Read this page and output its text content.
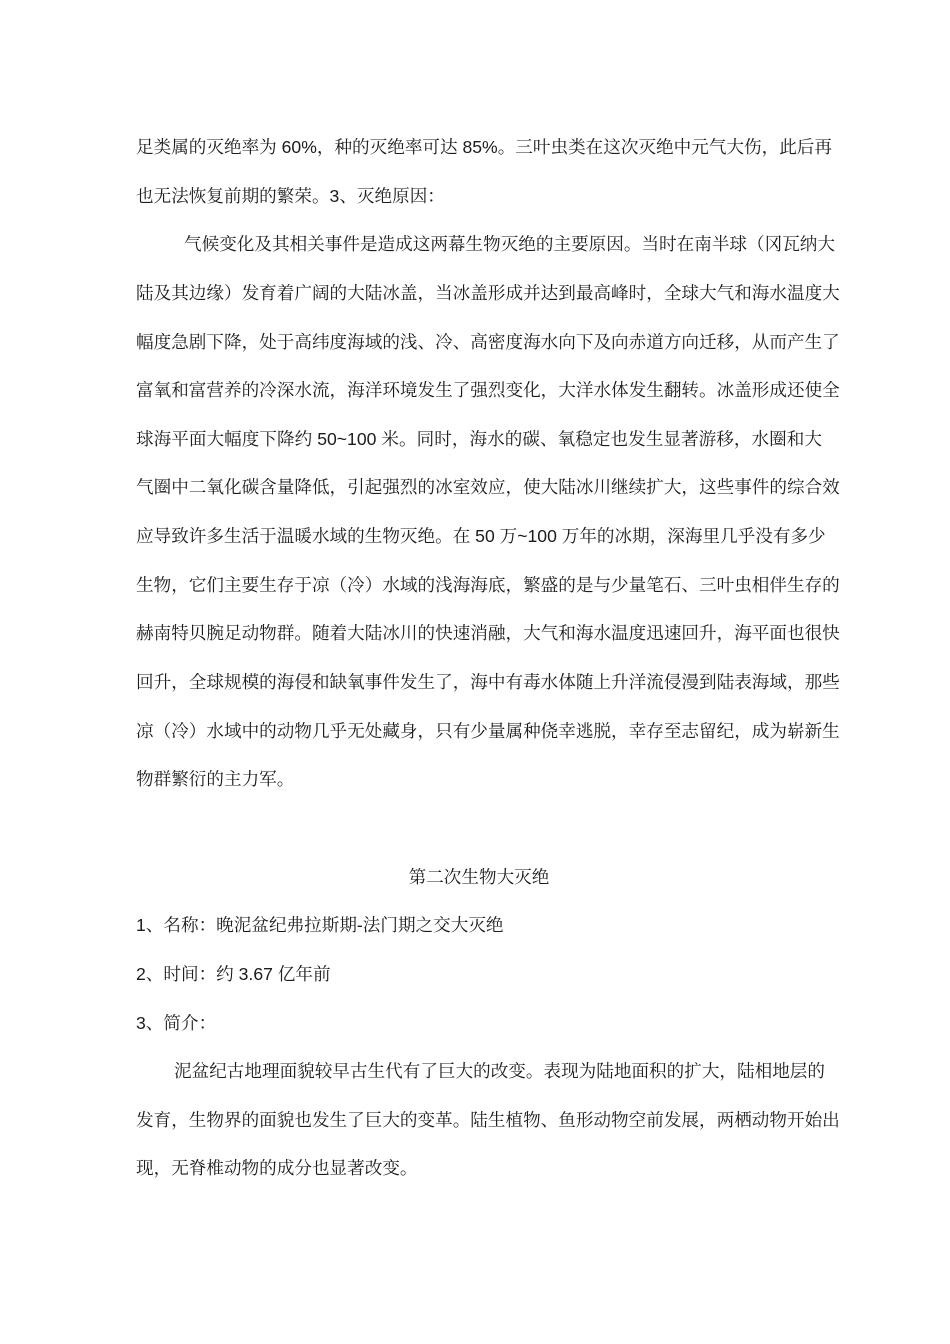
足类属的灭绝率为 60%，种的灭绝率可达 85%。三叶虫类在这次灭绝中元气大伤，此后再
也无法恢复前期的繁荣。3、灭绝原因：
气候变化及其相关事件是造成这两幕生物灭绝的主要原因。当时在南半球（冈瓦纳大
陆及其边缘）发育着广阔的大陆冰盖，当冰盖形成并达到最高峰时，全球大气和海水温度大
幅度急剧下降，处于高纬度海域的浅、冷、高密度海水向下及向赤道方向迁移，从而产生了
富氧和富营养的冷深水流，海洋环境发生了强烈变化，大洋水体发生翻转。冰盖形成还使全
球海平面大幅度下降约 50~100 米。同时，海水的碳、氧稳定也发生显著游移，水圈和大
气圈中二氧化碳含量降低，引起强烈的冰室效应，使大陆冰川继续扩大，这些事件的综合效
应导致许多生活于温暖水域的生物灭绝。在 50 万~100 万年的冰期，深海里几乎没有多少
生物，它们主要生存于凉（冷）水域的浅海海底，繁盛的是与少量笔石、三叶虫相伴生存的
赫南特贝腕足动物群。随着大陆冰川的快速消融，大气和海水温度迅速回升，海平面也很快
回升，全球规模的海侵和缺氧事件发生了，海中有毒水体随上升洋流侵漫到陆表海域，那些
凉（冷）水域中的动物几乎无处藏身，只有少量属种侥幸逃脱，幸存至志留纪，成为崭新生
物群繁衍的主力军。
第二次生物大灭绝
1、名称：晚泥盆纪弗拉斯期-法门期之交大灭绝
2、时间：约 3.67 亿年前
3、简介：
泥盆纪古地理面貌较早古生代有了巨大的改变。表现为陆地面积的扩大，陆相地层的
发育，生物界的面貌也发生了巨大的变革。陆生植物、鱼形动物空前发展，两栖动物开始出
现，无脊椎动物的成分也显著改变。
